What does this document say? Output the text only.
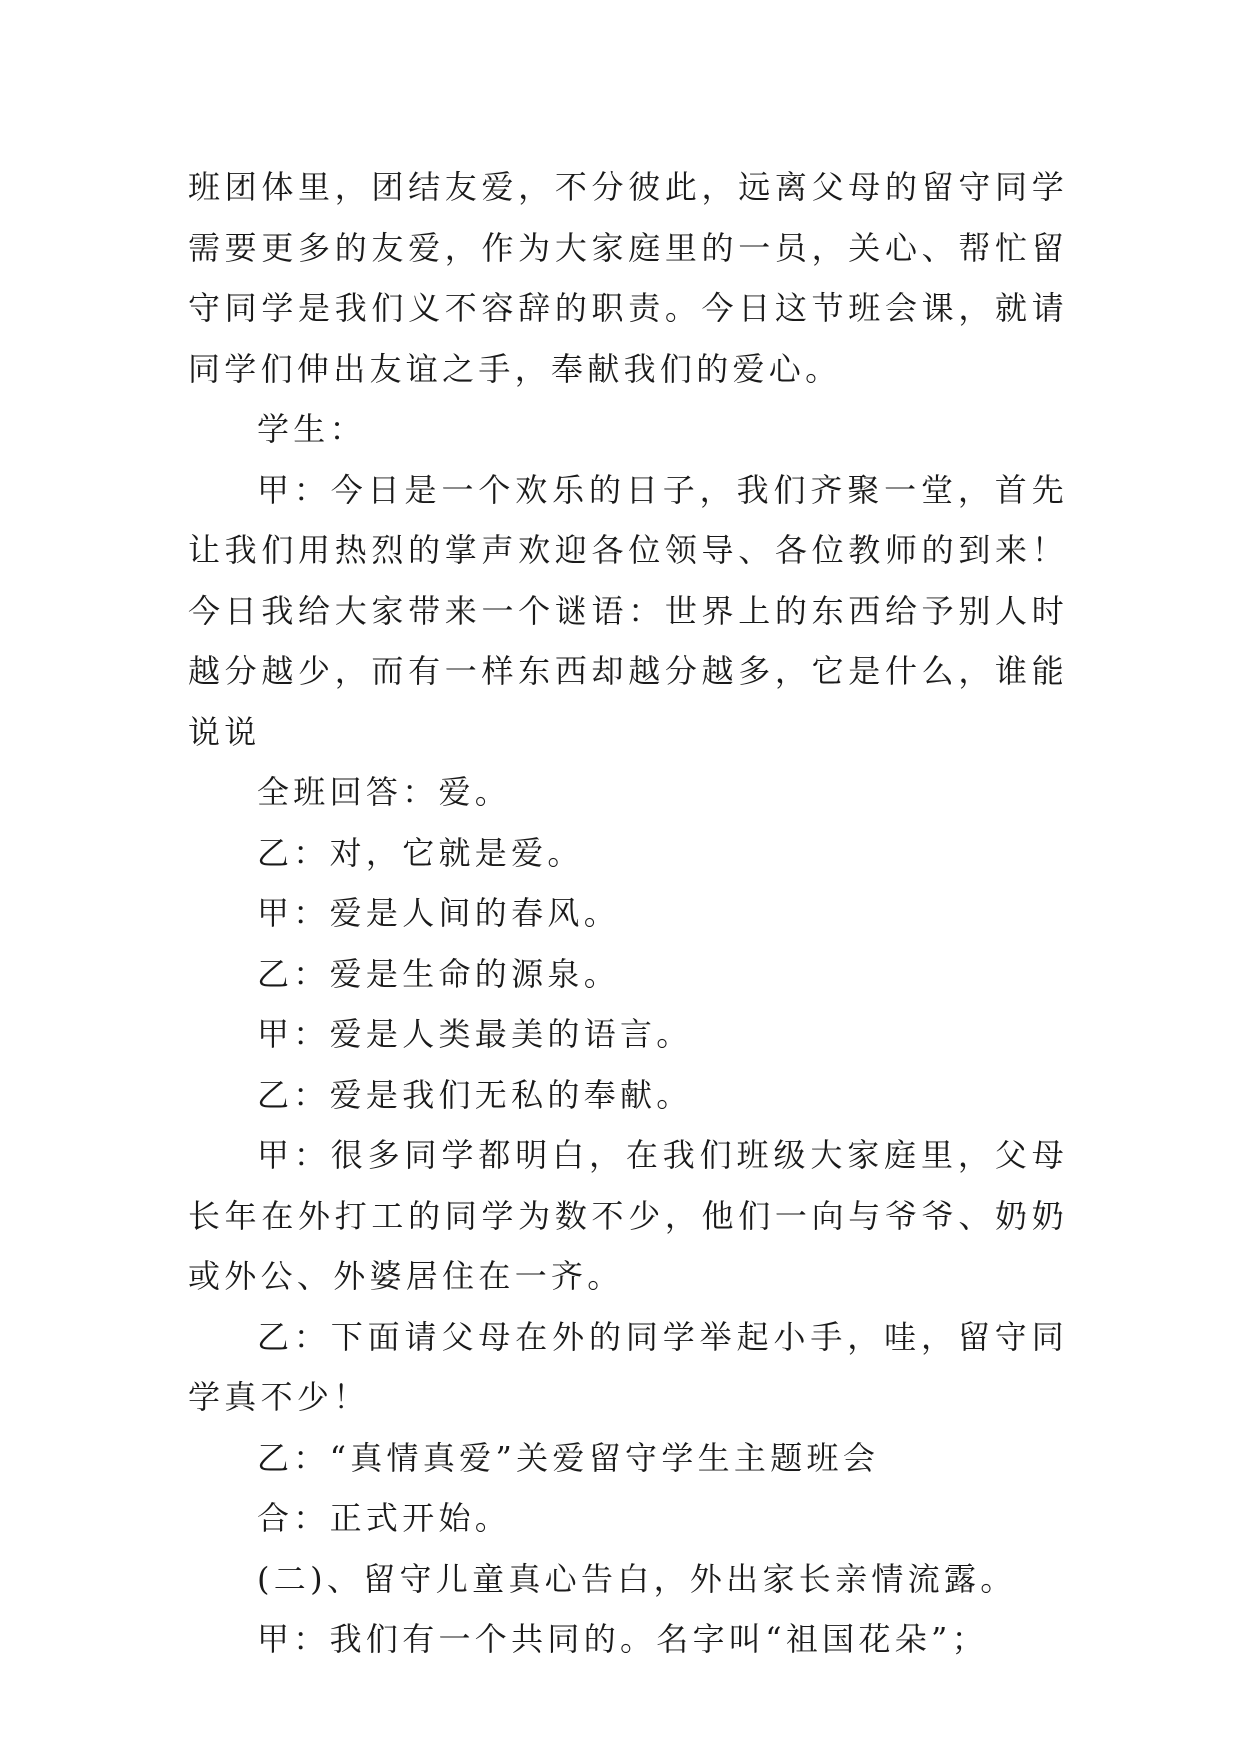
班团体里，团结友爱，不分彼此，远离父母的留守同学需要更多的友爱，作为大家庭里的一员，关心、帮忙留守同学是我们义不容辞的职责。今日这节班会课，就请同学们伸出友谊之手，奉献我们的爱心。

学生：

甲：今日是一个欢乐的日子，我们齐聚一堂，首先让我们用热烈的掌声欢迎各位领导、各位教师的到来！今日我给大家带来一个谜语：世界上的东西给予别人时越分越少，而有一样东西却越分越多，它是什么，谁能说说

全班回答：爱。

乙：对，它就是爱。

甲：爱是人间的春风。

乙：爱是生命的源泉。

甲：爱是人类最美的语言。

乙：爱是我们无私的奉献。

甲：很多同学都明白，在我们班级大家庭里，父母长年在外打工的同学为数不少，他们一向与爷爷、奶奶或外公、外婆居住在一齐。

乙：下面请父母在外的同学举起小手，哇，留守同学真不少！

乙：“真情真爱”关爱留守学生主题班会

合：正式开始。

(二)、留守儿童真心告白，外出家长亲情流露。

甲：我们有一个共同的。名字叫“祖国花朵”；
